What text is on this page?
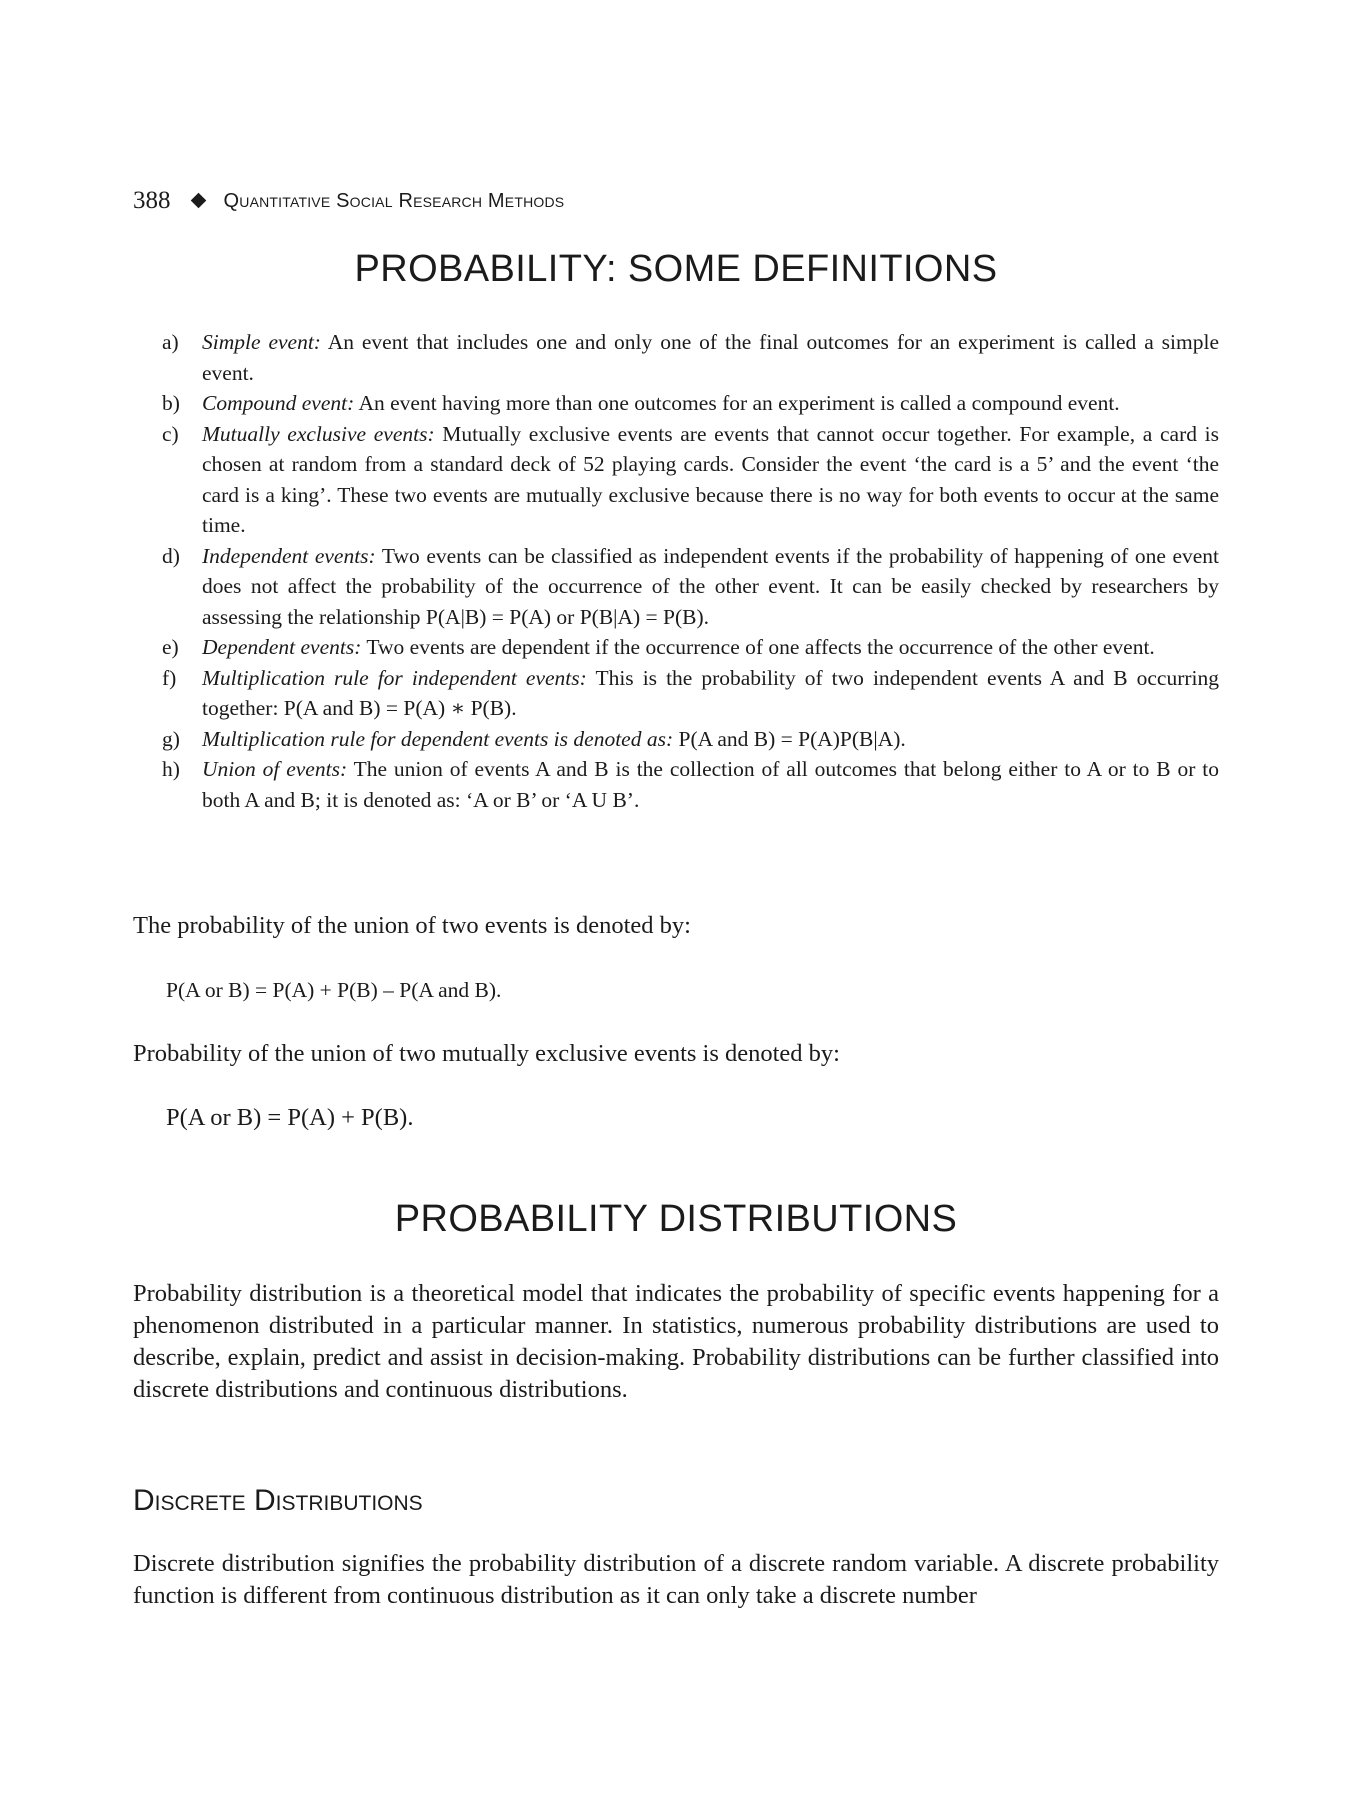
388	Quantitative Social Research Methods
PROBABILITY: SOME DEFINITIONS
a) Simple event: An event that includes one and only one of the final outcomes for an experiment is called a simple event.
b) Compound event: An event having more than one outcomes for an experiment is called a compound event.
c) Mutually exclusive events: Mutually exclusive events are events that cannot occur together. For example, a card is chosen at random from a standard deck of 52 playing cards. Consider the event ‘the card is a 5’ and the event ‘the card is a king’. These two events are mutually exclusive because there is no way for both events to occur at the same time.
d) Independent events: Two events can be classified as independent events if the probability of happening of one event does not affect the probability of the occurrence of the other event. It can be easily checked by researchers by assessing the relationship P(A|B) = P(A) or P(B|A) = P(B).
e) Dependent events: Two events are dependent if the occurrence of one affects the occurrence of the other event.
f) Multiplication rule for independent events: This is the probability of two independent events A and B occurring together: P(A and B) = P(A) ∗ P(B).
g) Multiplication rule for dependent events is denoted as: P(A and B) = P(A)P(B|A).
h) Union of events: The union of events A and B is the collection of all outcomes that belong either to A or to B or to both A and B; it is denoted as: ‘A or B’ or ‘A U B’.

The probability of the union of two events is denoted by:

P(A or B) = P(A) + P(B) – P(A and B).

Probability of the union of two mutually exclusive events is denoted by:

P(A or B) = P(A) + P(B).

PROBABILITY DISTRIBUTIONS

Probability distribution is a theoretical model that indicates the probability of specific events happening for a phenomenon distributed in a particular manner. In statistics, numerous probability distributions are used to describe, explain, predict and assist in decision-making. Probability distributions can be further classified into discrete distributions and continuous distributions.

Discrete Distributions

Discrete distribution signifies the probability distribution of a discrete random variable. A discrete probability function is different from continuous distribution as it can only take a discrete number
